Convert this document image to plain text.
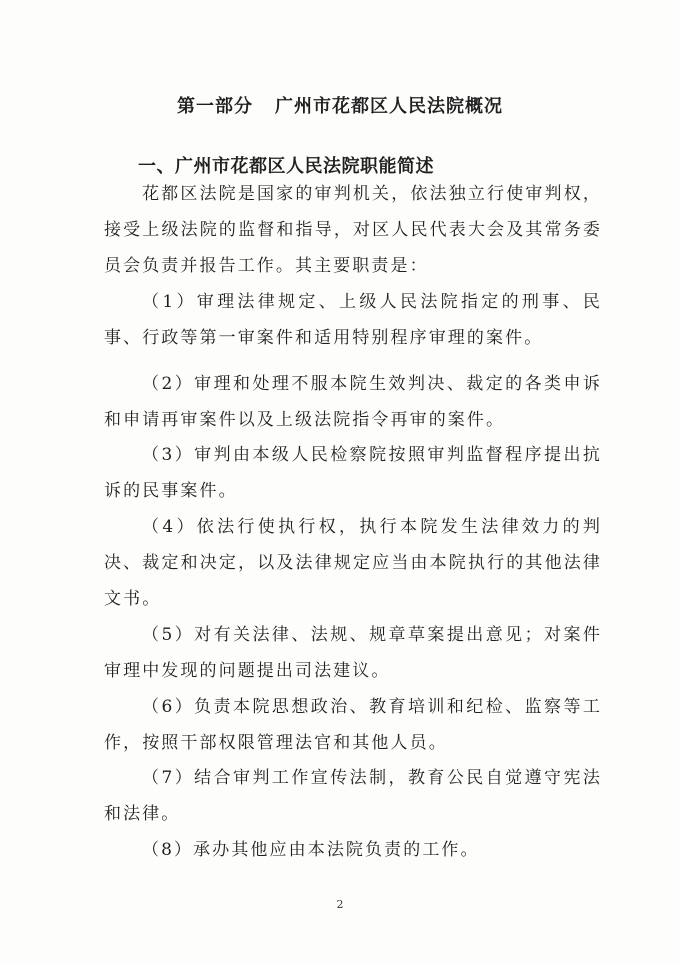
第一部分 广州市花都区人民法院概况
一、广州市花都区人民法院职能简述

花都区法院是国家的审判机关，依法独立行使审判权，接受上级法院的监督和指导，对区人民代表大会及其常务委员会负责并报告工作。其主要职责是：

（1）审理法律规定、上级人民法院指定的刑事、民事、行政等第一审案件和适用特别程序审理的案件。

（2）审理和处理不服本院生效判决、裁定的各类申诉和申请再审案件以及上级法院指令再审的案件。

（3）审判由本级人民检察院按照审判监督程序提出抗诉的民事案件。

（4）依法行使执行权，执行本院发生法律效力的判决、裁定和决定，以及法律规定应当由本院执行的其他法律文书。

（5）对有关法律、法规、规章草案提出意见；对案件审理中发现的问题提出司法建议。

（6）负责本院思想政治、教育培训和纪检、监察等工作，按照干部权限管理法官和其他人员。

（7）结合审判工作宣传法制，教育公民自觉遵守宪法和法律。

（8）承办其他应由本法院负责的工作。

2
